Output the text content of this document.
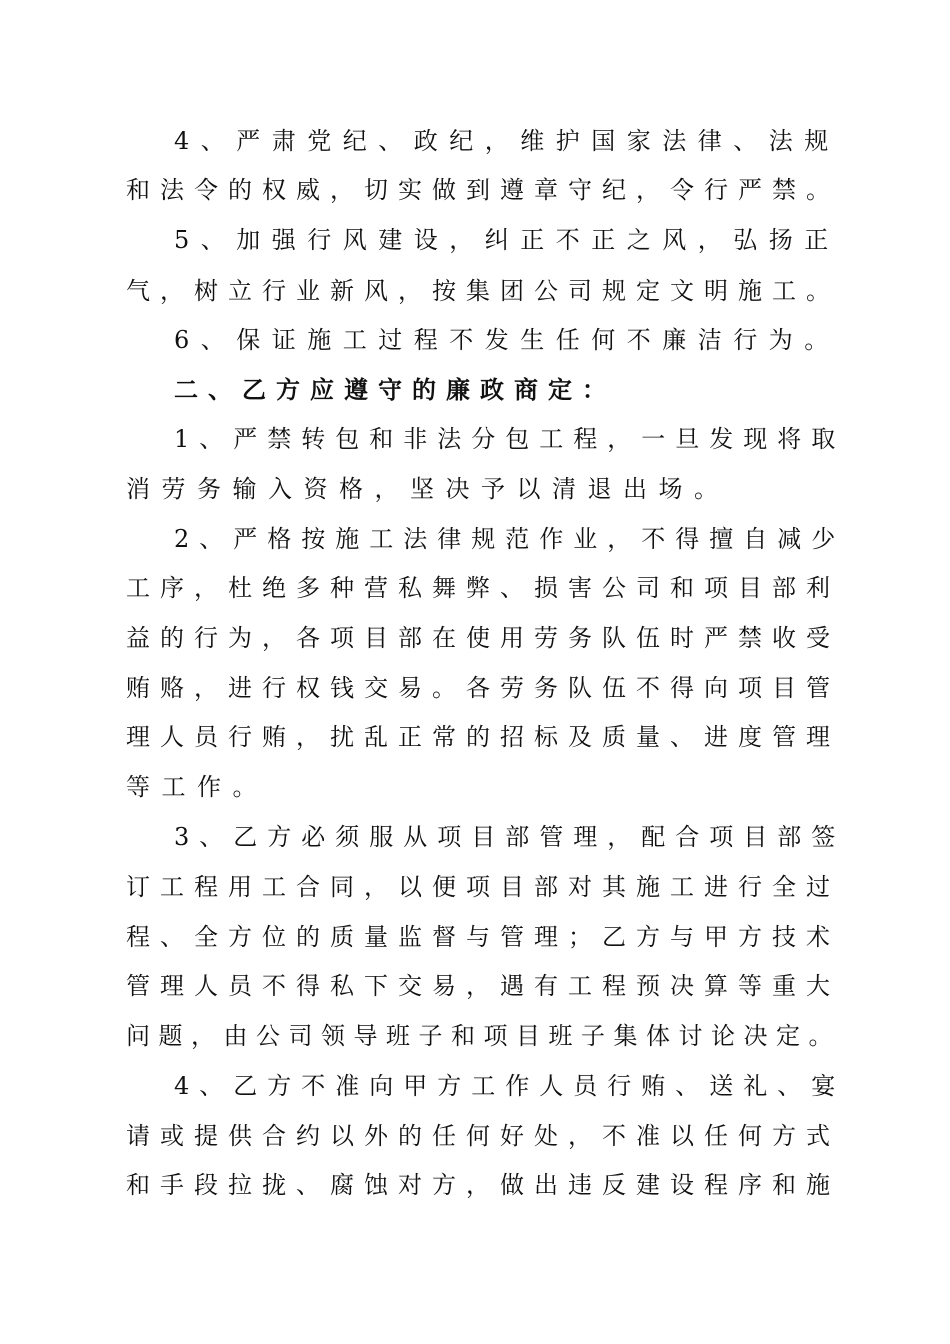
4、严肃党纪、政纪，维护国家法律、法规
和法令的权威，切实做到遵章守纪，令行严禁。
5、加强行风建设，纠正不正之风，弘扬正
气，树立行业新风，按集团公司规定文明施工。
6、保证施工过程不发生任何不廉洁行为。
二、乙方应遵守的廉政商定：
1、严禁转包和非法分包工程，一旦发现将取
消劳务输入资格，坚决予以清退出场。
2、严格按施工法律规范作业，不得擅自减少
工序，杜绝多种营私舞弊、损害公司和项目部利
益的行为，各项目部在使用劳务队伍时严禁收受
贿赂，进行权钱交易。各劳务队伍不得向项目管
理人员行贿，扰乱正常的招标及质量、进度管理
等工作。
3、乙方必须服从项目部管理，配合项目部签
订工程用工合同，以便项目部对其施工进行全过
程、全方位的质量监督与管理；乙方与甲方技术
管理人员不得私下交易，遇有工程预决算等重大
问题，由公司领导班子和项目班子集体讨论决定。
4、乙方不准向甲方工作人员行贿、送礼、宴
请或提供合约以外的任何好处，不准以任何方式
和手段拉拢、腐蚀对方，做出违反建设程序和施
